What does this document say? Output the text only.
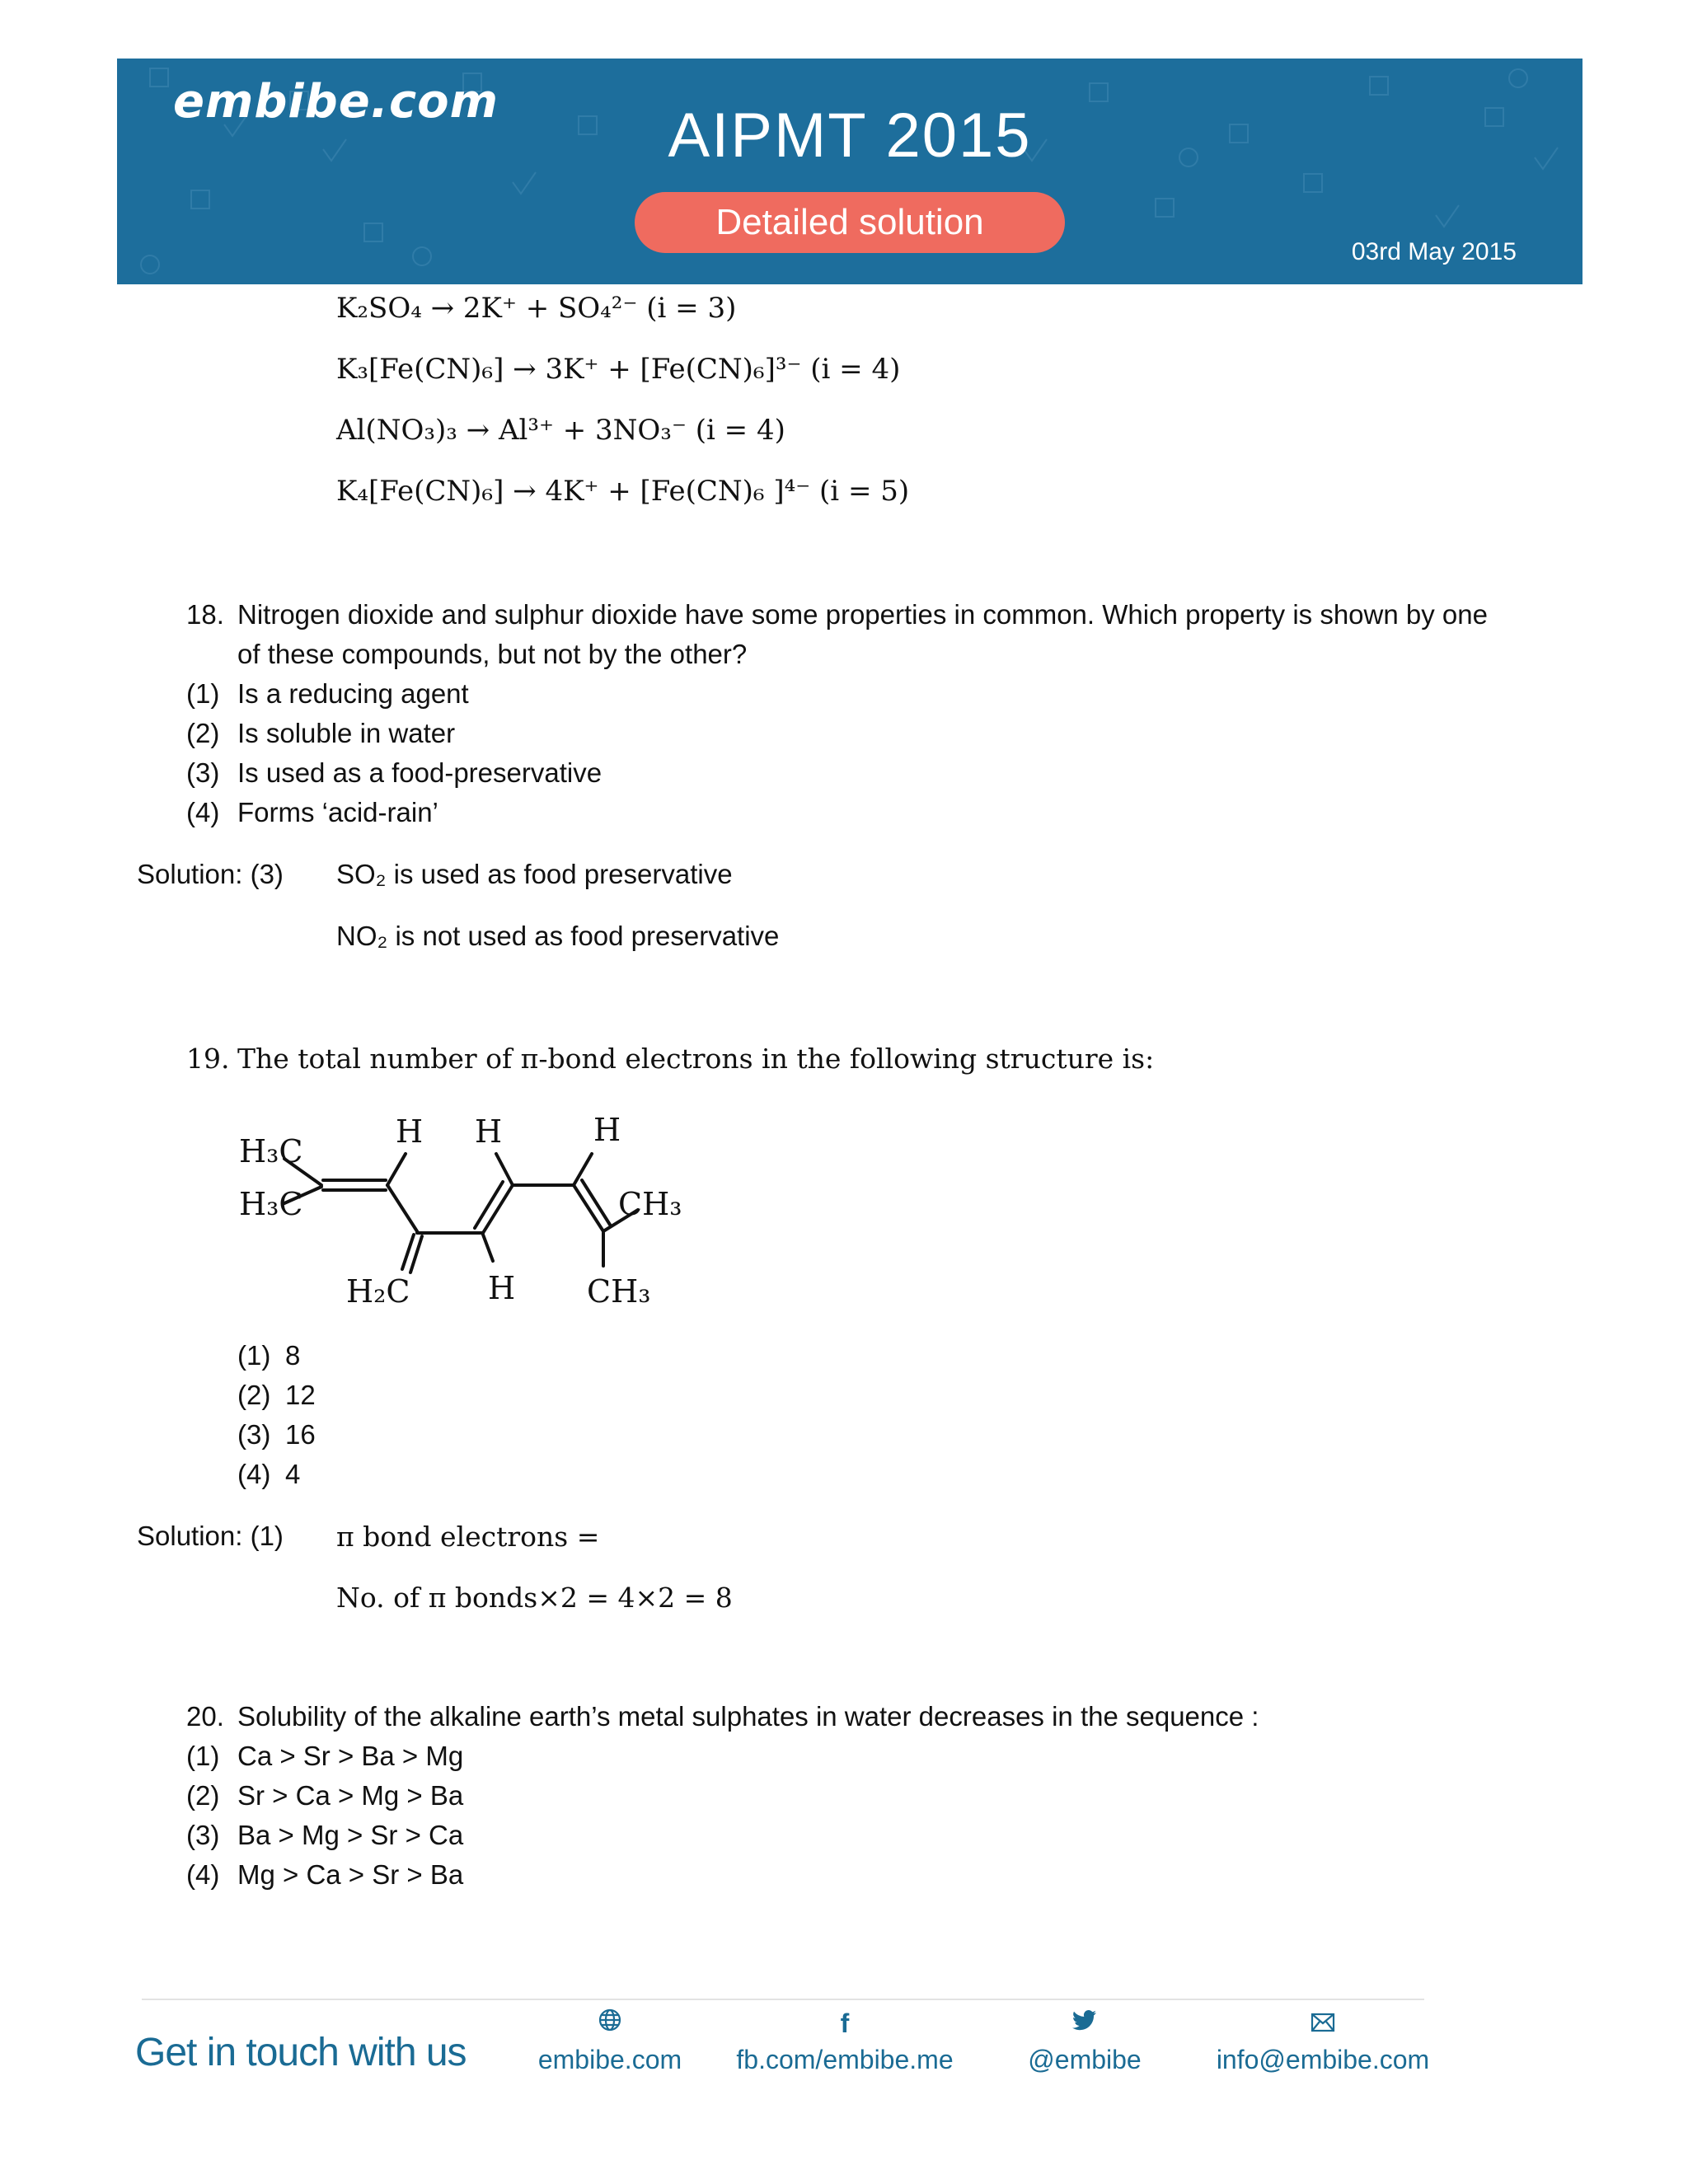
embibe.com	AIPMT 2015
Detailed solution
03rd May 2015
K₂SO₄ → 2K⁺ + SO₄²⁻ (i = 3)
K₃[Fe(CN)₆] → 3K⁺ + [Fe(CN)₆]³⁻ (i = 4)
Al(NO₃)₃ → Al³⁺ + 3NO₃⁻ (i = 4)
K₄[Fe(CN)₆] → 4K⁺ + [Fe(CN)₆ ]⁴⁻ (i = 5)
18. Nitrogen dioxide and sulphur dioxide have some properties in common. Which property is shown by one
of these compounds, but not by the other?
(1) Is a reducing agent
(2) Is soluble in water
(3) Is used as a food-preservative
(4) Forms ‘acid-rain’
Solution: (3) SO₂ is used as food preservative
NO₂ is not used as food preservative
19. The total number of π-bond electrons in the following structure is:
H₃C
H₃C
H H	H
CH₃
H₂C H CH₃
(1) 8
(2) 12
(3) 16
(4) 4
Solution: (1) π bond electrons =
No. of π bonds×2 = 4×2 = 8
20. Solubility of the alkaline earth’s metal sulphates in water decreases in the sequence :
(1) Ca > Sr > Ba > Mg
(2) Sr > Ca > Mg > Ba
(3) Ba > Mg > Sr > Ca
(4) Mg > Ca > Sr > Ba
Get in touch with us	embibe.com
f
fb.com/embibe.me	@embibe	info@embibe.com
